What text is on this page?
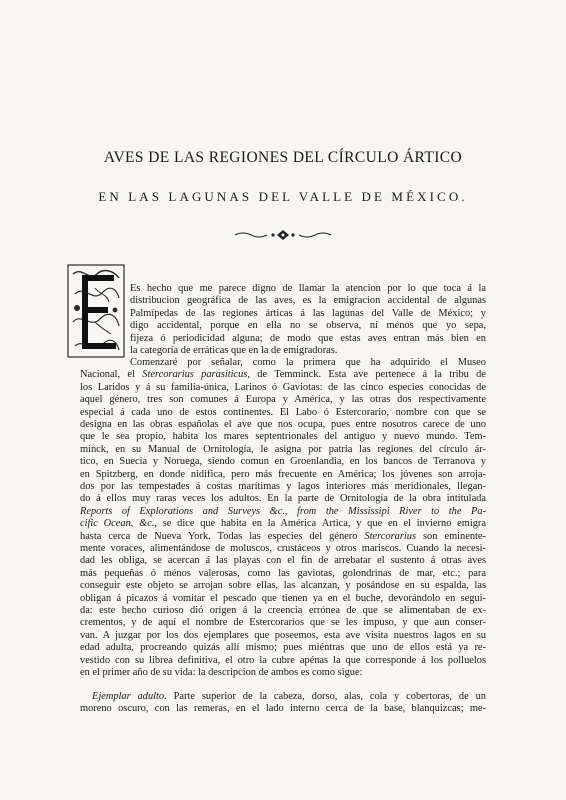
AVES DE LAS REGIONES DEL CÍRCULO ÁRTICO
EN LAS LAGUNAS DEL VALLE DE MÉXICO.
Es hecho que me parece digno de llamar la atencion por lo que toca á la
distribucion geográfica de las aves, es la emigracion accidental de algunas
Palmípedas de las regiones árticas á las lagunas del Valle de México; y
digo accidental, porque en ella no se observa, ni ménos que yo sepa,
fijeza ó periodicidad alguna; de modo que estas aves entran más bien en
la categoría de erráticas que en la de emigradoras.
Comenzaré por señalar, como la primera que ha adquirido el Museo
Nacional, el Stercorarius parasiticus, de Temminck. Esta ave pertenece á la tribu de
los Laridos y á su familia-única, Larinos ó Gaviotas: de las cinco especies conocidas de
aquel género, tres son comunes á Europa y América, y las otras dos respectivamente
especial á cada uno de estos continentes. El Labo ó Estercorario, nombre con que se
designa en las obras españolas el ave que nos ocupa, pues entre nosotros carece de uno
que le sea propio, habita los mares septentrionales del antiguo y nuevo mundo. Tem-
minck, en su Manual de Ornitología, le asigna por patria las regiones del círculo ár-
tico, en Suecia y Noruega, siendo comun en Groenlandia, en los bancos de Terranova y
en Spitzberg, en donde nidifica, pero más frecuente en América; los jóvenes son arroja-
dos por las tempestades á costas marítimas y lagos interiores más meridionales, llegan-
do á ellos muy raras veces los adultos. En la parte de Ornitología de la obra intitulada
Reports of Explorations and Surveys &c., from the Mississipi River to the Pa-
cific Ocean, &c., se dice que habita en la América Ártica, y que en el invierno emigra
hasta cerca de Nueva York. Todas las especies del género Stercorarius son eminente-
mente voraces, alimentándose de moluscos, crustáceos y otros mariscos. Cuando la necesi-
dad les obliga, se acercan á las playas con el fin de arrebatar el sustento á otras aves
más pequeñas ó ménos valerosas, como las gaviotas, golondrinas de mar, etc.; para
conseguir este objeto se arrojan sobre ellas, las alcanzan, y posándose en su espalda, las
obligan á picazos á vomitar el pescado que tienen ya en el buche, devorándolo en segui-
da: este hecho curioso dió orígen á la creencia errónea de que se alimentaban de ex-
crementos, y de aquí el nombre de Estercorarios que se les impuso, y que aun conser-
van. A juzgar por los dos ejemplares que poseemos, esta ave visita nuestros lagos en su
edad adulta, procreando quizás allí mismo; pues miéntras que uno de ellos está ya re-
vestido con su librea definitiva, el otro la cubre apénas la que corresponde á los polluelos
en el primer año de su vida: la descripcion de ambos es como sigue:
Ejemplar adulto. Parte superior de la cabeza, dorso, alas, cola y cobertoras, de un
moreno oscuro, con las remeras, en el lado interno cerca de la base, blanquizcas; me-
